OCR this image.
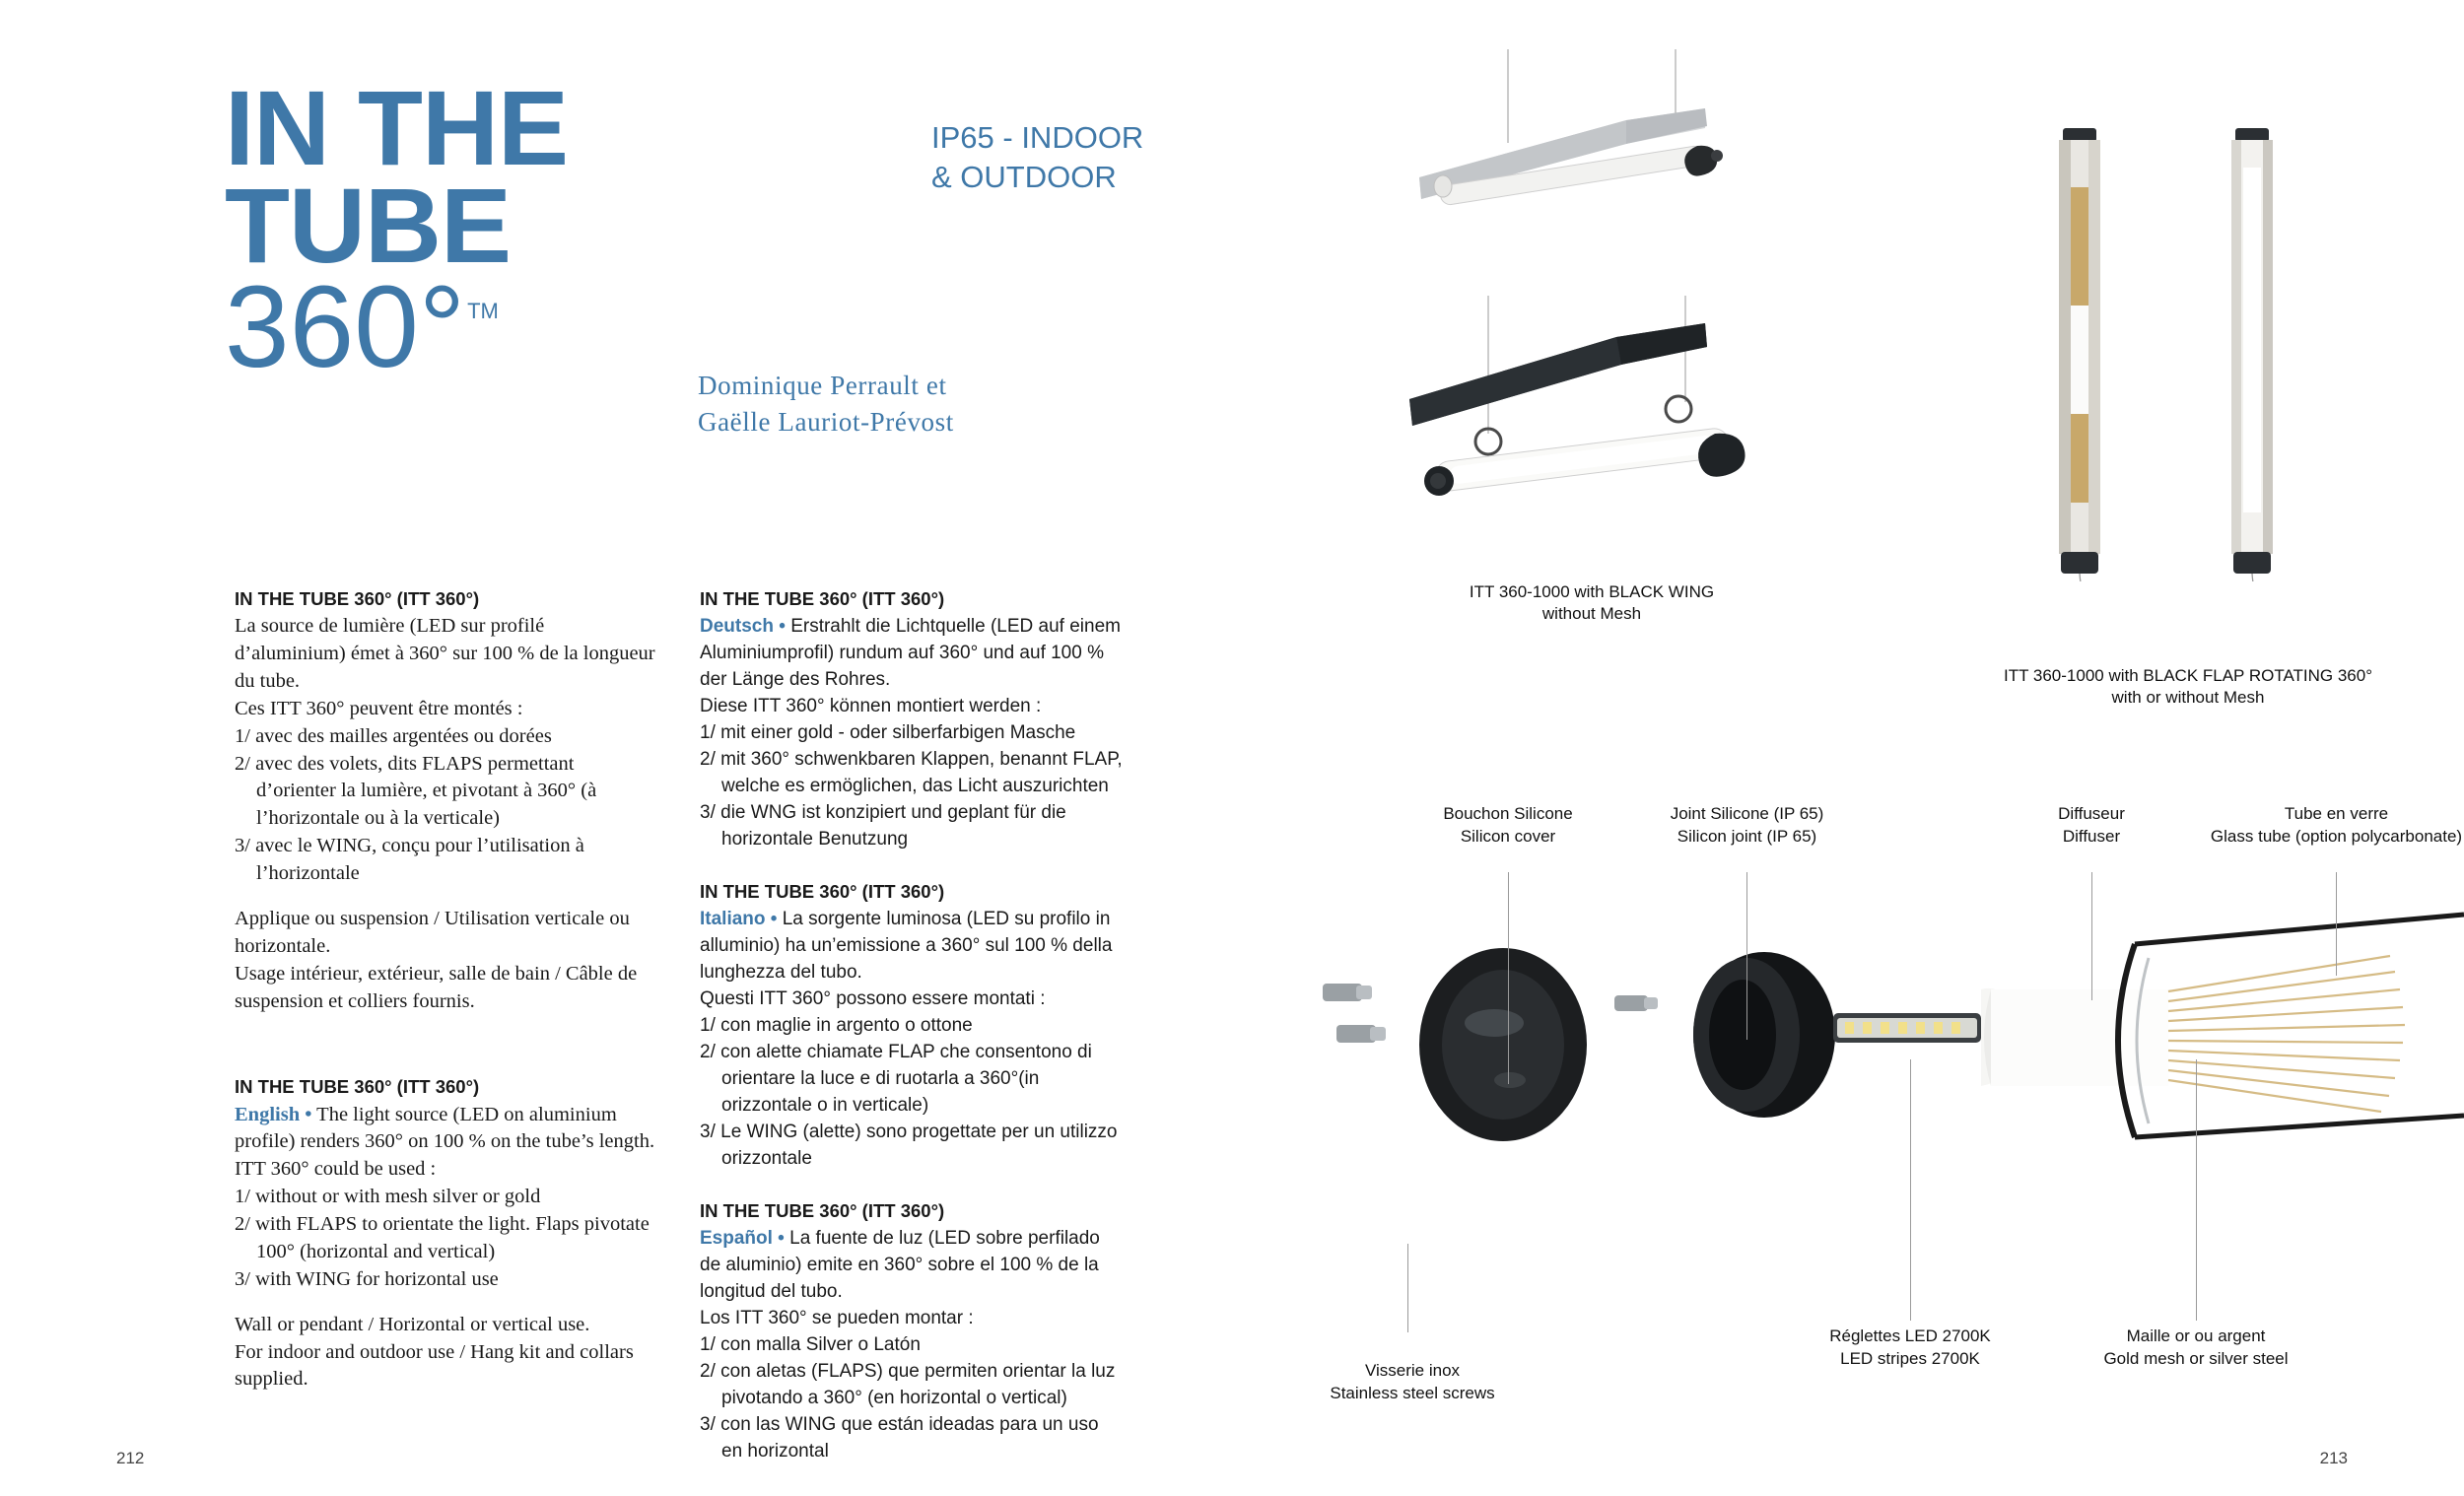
IN THE
TUBE
360° TM
IP65 - INDOOR & OUTDOOR
Dominique Perrault et Gaëlle Lauriot-Prévost
IN THE TUBE 360° (ITT 360°)

La source de lumière (LED sur profilé d’aluminium) émet à 360° sur 100 % de la longueur du tube.

Ces ITT 360° peuvent être montés :

1/ avec des mailles argentées ou dorées

2/ avec des volets, dits FLAPS permettant d’orienter la lumière, et pivotant à 360° (à l’horizontale ou à la verticale)

3/ avec le WING, conçu pour l’utilisation à l’horizontale

Applique ou suspension / Utilisation verticale ou horizontale.

Usage intérieur, extérieur, salle de bain / Câble de suspension et colliers fournis.

IN THE TUBE 360° (ITT 360°)

English • The light source (LED on aluminium profile) renders 360° on 100 % on the tube’s length.

ITT 360° could be used :

1/ without or with mesh silver or gold

2/ with FLAPS to orientate the light. Flaps pivotate 100° (horizontal and vertical)

3/ with WING for horizontal use

Wall or pendant / Horizontal or vertical use.

For indoor and outdoor use / Hang kit and collars supplied.

IN THE TUBE 360° (ITT 360°)

Deutsch • Erstrahlt die Lichtquelle (LED auf einem Aluminiumprofil) rundum auf 360° und auf 100 % der Länge des Rohres.

Diese ITT 360° können montiert werden :

1/ mit einer gold - oder silberfarbigen Masche

2/ mit 360° schwenkbaren Klappen, benannt FLAP, welche es ermöglichen, das Licht auszurichten

3/ die WNG ist konzipiert und geplant für die horizontale Benutzung

IN THE TUBE 360° (ITT 360°)

Italiano • La sorgente luminosa (LED su profilo in alluminio) ha un’emissione a 360° sul 100 % della lunghezza del tubo.

Questi ITT 360° possono essere montati :

1/ con maglie in argento o ottone

2/ con alette chiamate FLAP che consentono di orientare la luce e di ruotarla a 360°(in orizzontale o in verticale)

3/ Le WING (alette) sono progettate per un utilizzo orizzontale

IN THE TUBE 360° (ITT 360°)

Español • La fuente de luz (LED sobre perfilado de aluminio) emite en 360° sobre el 100 % de la longitud del tubo.

Los ITT 360° se pueden montar :

1/ con malla Silver o Latón

2/ con aletas (FLAPS) que permiten orientar la luz pivotando a 360° (en horizontal o vertical)

3/ con las WING que están ideadas para un uso en horizontal

ITT 360-1000 with BLACK WING
without Mesh
ITT 360-1000 with BLACK FLAP ROTATING 360°
with or without Mesh
Bouchon Silicone
Silicon cover
Joint Silicone (IP 65)
Silicon joint (IP 65)
Diffuseur
Diffuser
Tube en verre
Glass tube (option polycarbonate)
Réglettes LED 2700K
LED stripes 2700K
Maille or ou argent
Gold mesh or silver steel
Visserie inox
Stainless steel screws
212	213
